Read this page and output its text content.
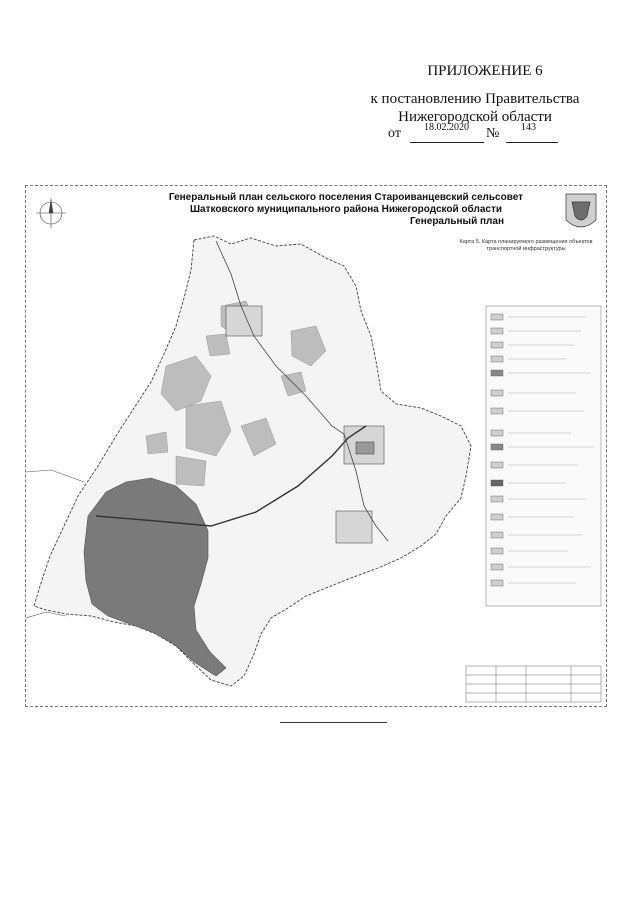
ПРИЛОЖЕНИЕ 6
к постановлению Правительства
Нижегородской области
от 18.02.2020 № 143
Генеральный план сельского поселения Староиванцевский сельсовет
Шатковского муниципального района Нижегородской области
Генеральный план
Карта 5. Карта планируемого размещения объектов транспортной инфраструктуры
